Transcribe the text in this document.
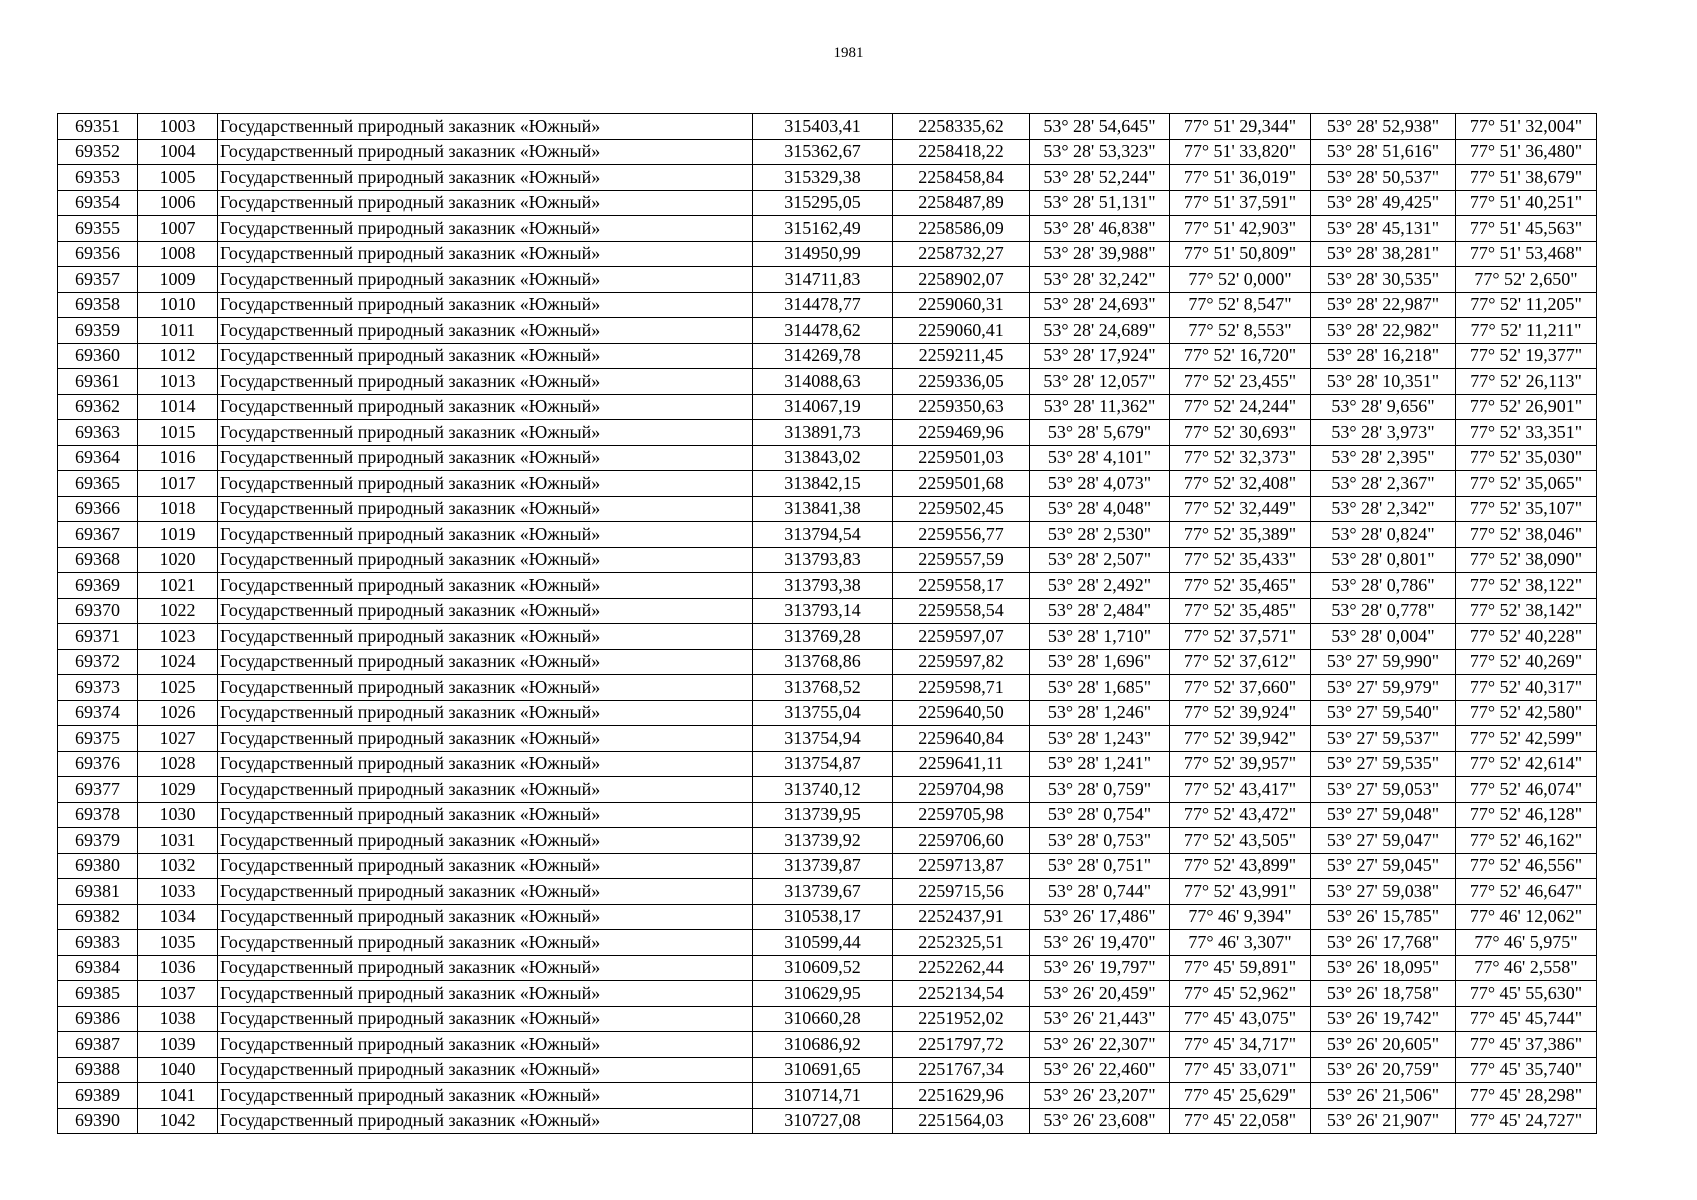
1981
69351	1003	Государственный природный заказник «Южный»	315403,41	2258335,62	53° 28' 54,645"	77° 51' 29,344"	53° 28' 52,938"	77° 51' 32,004"
69352	1004	Государственный природный заказник «Южный»	315362,67	2258418,22	53° 28' 53,323"	77° 51' 33,820"	53° 28' 51,616"	77° 51' 36,480"
69353	1005	Государственный природный заказник «Южный»	315329,38	2258458,84	53° 28' 52,244"	77° 51' 36,019"	53° 28' 50,537"	77° 51' 38,679"
69354	1006	Государственный природный заказник «Южный»	315295,05	2258487,89	53° 28' 51,131"	77° 51' 37,591"	53° 28' 49,425"	77° 51' 40,251"
69355	1007	Государственный природный заказник «Южный»	315162,49	2258586,09	53° 28' 46,838"	77° 51' 42,903"	53° 28' 45,131"	77° 51' 45,563"
69356	1008	Государственный природный заказник «Южный»	314950,99	2258732,27	53° 28' 39,988"	77° 51' 50,809"	53° 28' 38,281"	77° 51' 53,468"
69357	1009	Государственный природный заказник «Южный»	314711,83	2258902,07	53° 28' 32,242"	77° 52' 0,000"	53° 28' 30,535"	77° 52' 2,650"
69358	1010	Государственный природный заказник «Южный»	314478,77	2259060,31	53° 28' 24,693"	77° 52' 8,547"	53° 28' 22,987"	77° 52' 11,205"
69359	1011	Государственный природный заказник «Южный»	314478,62	2259060,41	53° 28' 24,689"	77° 52' 8,553"	53° 28' 22,982"	77° 52' 11,211"
69360	1012	Государственный природный заказник «Южный»	314269,78	2259211,45	53° 28' 17,924"	77° 52' 16,720"	53° 28' 16,218"	77° 52' 19,377"
69361	1013	Государственный природный заказник «Южный»	314088,63	2259336,05	53° 28' 12,057"	77° 52' 23,455"	53° 28' 10,351"	77° 52' 26,113"
69362	1014	Государственный природный заказник «Южный»	314067,19	2259350,63	53° 28' 11,362"	77° 52' 24,244"	53° 28' 9,656"	77° 52' 26,901"
69363	1015	Государственный природный заказник «Южный»	313891,73	2259469,96	53° 28' 5,679"	77° 52' 30,693"	53° 28' 3,973"	77° 52' 33,351"
69364	1016	Государственный природный заказник «Южный»	313843,02	2259501,03	53° 28' 4,101"	77° 52' 32,373"	53° 28' 2,395"	77° 52' 35,030"
69365	1017	Государственный природный заказник «Южный»	313842,15	2259501,68	53° 28' 4,073"	77° 52' 32,408"	53° 28' 2,367"	77° 52' 35,065"
69366	1018	Государственный природный заказник «Южный»	313841,38	2259502,45	53° 28' 4,048"	77° 52' 32,449"	53° 28' 2,342"	77° 52' 35,107"
69367	1019	Государственный природный заказник «Южный»	313794,54	2259556,77	53° 28' 2,530"	77° 52' 35,389"	53° 28' 0,824"	77° 52' 38,046"
69368	1020	Государственный природный заказник «Южный»	313793,83	2259557,59	53° 28' 2,507"	77° 52' 35,433"	53° 28' 0,801"	77° 52' 38,090"
69369	1021	Государственный природный заказник «Южный»	313793,38	2259558,17	53° 28' 2,492"	77° 52' 35,465"	53° 28' 0,786"	77° 52' 38,122"
69370	1022	Государственный природный заказник «Южный»	313793,14	2259558,54	53° 28' 2,484"	77° 52' 35,485"	53° 28' 0,778"	77° 52' 38,142"
69371	1023	Государственный природный заказник «Южный»	313769,28	2259597,07	53° 28' 1,710"	77° 52' 37,571"	53° 28' 0,004"	77° 52' 40,228"
69372	1024	Государственный природный заказник «Южный»	313768,86	2259597,82	53° 28' 1,696"	77° 52' 37,612"	53° 27' 59,990"	77° 52' 40,269"
69373	1025	Государственный природный заказник «Южный»	313768,52	2259598,71	53° 28' 1,685"	77° 52' 37,660"	53° 27' 59,979"	77° 52' 40,317"
69374	1026	Государственный природный заказник «Южный»	313755,04	2259640,50	53° 28' 1,246"	77° 52' 39,924"	53° 27' 59,540"	77° 52' 42,580"
69375	1027	Государственный природный заказник «Южный»	313754,94	2259640,84	53° 28' 1,243"	77° 52' 39,942"	53° 27' 59,537"	77° 52' 42,599"
69376	1028	Государственный природный заказник «Южный»	313754,87	2259641,11	53° 28' 1,241"	77° 52' 39,957"	53° 27' 59,535"	77° 52' 42,614"
69377	1029	Государственный природный заказник «Южный»	313740,12	2259704,98	53° 28' 0,759"	77° 52' 43,417"	53° 27' 59,053"	77° 52' 46,074"
69378	1030	Государственный природный заказник «Южный»	313739,95	2259705,98	53° 28' 0,754"	77° 52' 43,472"	53° 27' 59,048"	77° 52' 46,128"
69379	1031	Государственный природный заказник «Южный»	313739,92	2259706,60	53° 28' 0,753"	77° 52' 43,505"	53° 27' 59,047"	77° 52' 46,162"
69380	1032	Государственный природный заказник «Южный»	313739,87	2259713,87	53° 28' 0,751"	77° 52' 43,899"	53° 27' 59,045"	77° 52' 46,556"
69381	1033	Государственный природный заказник «Южный»	313739,67	2259715,56	53° 28' 0,744"	77° 52' 43,991"	53° 27' 59,038"	77° 52' 46,647"
69382	1034	Государственный природный заказник «Южный»	310538,17	2252437,91	53° 26' 17,486"	77° 46' 9,394"	53° 26' 15,785"	77° 46' 12,062"
69383	1035	Государственный природный заказник «Южный»	310599,44	2252325,51	53° 26' 19,470"	77° 46' 3,307"	53° 26' 17,768"	77° 46' 5,975"
69384	1036	Государственный природный заказник «Южный»	310609,52	2252262,44	53° 26' 19,797"	77° 45' 59,891"	53° 26' 18,095"	77° 46' 2,558"
69385	1037	Государственный природный заказник «Южный»	310629,95	2252134,54	53° 26' 20,459"	77° 45' 52,962"	53° 26' 18,758"	77° 45' 55,630"
69386	1038	Государственный природный заказник «Южный»	310660,28	2251952,02	53° 26' 21,443"	77° 45' 43,075"	53° 26' 19,742"	77° 45' 45,744"
69387	1039	Государственный природный заказник «Южный»	310686,92	2251797,72	53° 26' 22,307"	77° 45' 34,717"	53° 26' 20,605"	77° 45' 37,386"
69388	1040	Государственный природный заказник «Южный»	310691,65	2251767,34	53° 26' 22,460"	77° 45' 33,071"	53° 26' 20,759"	77° 45' 35,740"
69389	1041	Государственный природный заказник «Южный»	310714,71	2251629,96	53° 26' 23,207"	77° 45' 25,629"	53° 26' 21,506"	77° 45' 28,298"
69390	1042	Государственный природный заказник «Южный»	310727,08	2251564,03	53° 26' 23,608"	77° 45' 22,058"	53° 26' 21,907"	77° 45' 24,727"
